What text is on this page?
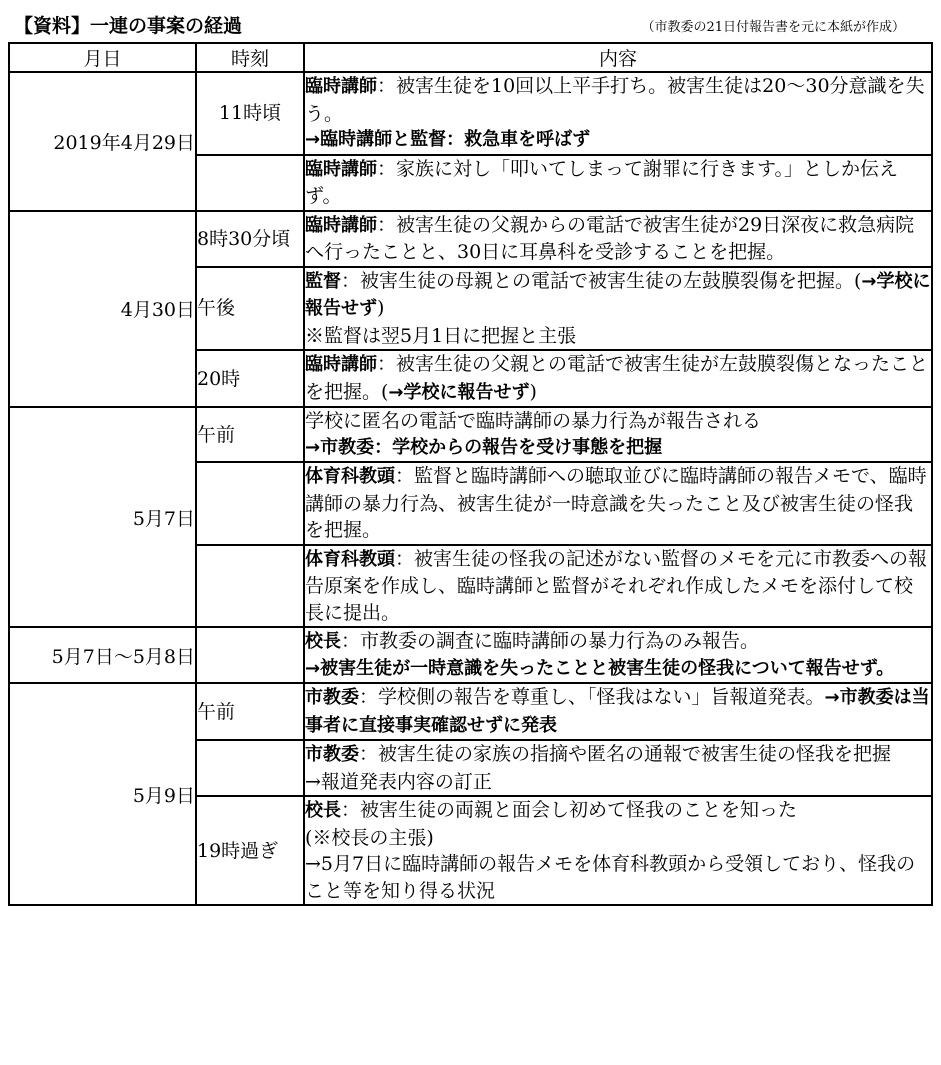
【資料】一連の事案の経過	（市教委の21日付報告書を元に本紙が作成）
月日	時刻	内容
2019年4月29日	11時頃	臨時講師：被害生徒を10回以上平手打ち。被害生徒は20～30分意識を失う。
→臨時講師と監督：救急車を呼ばず

		臨時講師：家族に対し「叩いてしまって謝罪に行きます。」としか伝えず。
4月30日	8時30分頃	臨時講師：被害生徒の父親からの電話で被害生徒が29日深夜に救急病院へ行ったことと、30日に耳鼻科を受診することを把握。
	午後	監督：被害生徒の母親との電話で被害生徒の左鼓膜裂傷を把握。(→学校に報告せず)
※監督は翌5月1日に把握と主張

	20時	臨時講師：被害生徒の父親との電話で被害生徒が左鼓膜裂傷となったことを把握。(→学校に報告せず)
5月7日	午前	学校に匿名の電話で臨時講師の暴力行為が報告される
→市教委：学校からの報告を受け事態を把握

		体育科教頭：監督と臨時講師への聴取並びに臨時講師の報告メモで、臨時講師の暴力行為、被害生徒が一時意識を失ったこと及び被害生徒の怪我を把握。
		体育科教頭：被害生徒の怪我の記述がない監督のメモを元に市教委への報告原案を作成し、臨時講師と監督がそれぞれ作成したメモを添付して校長に提出。
5月7日～5月8日		校長：市教委の調査に臨時講師の暴力行為のみ報告。
→被害生徒が一時意識を失ったことと被害生徒の怪我について報告せず。

5月9日	午前	市教委：学校側の報告を尊重し、「怪我はない」旨報道発表。→市教委は当事者に直接事実確認せずに発表
		市教委：被害生徒の家族の指摘や匿名の通報で被害生徒の怪我を把握
→報道発表内容の訂正

	19時過ぎ	校長：被害生徒の両親と面会し初めて怪我のことを知った
(※校長の主張)
→5月7日に臨時講師の報告メモを体育科教頭から受領しており、怪我のこと等を知り得る状況
